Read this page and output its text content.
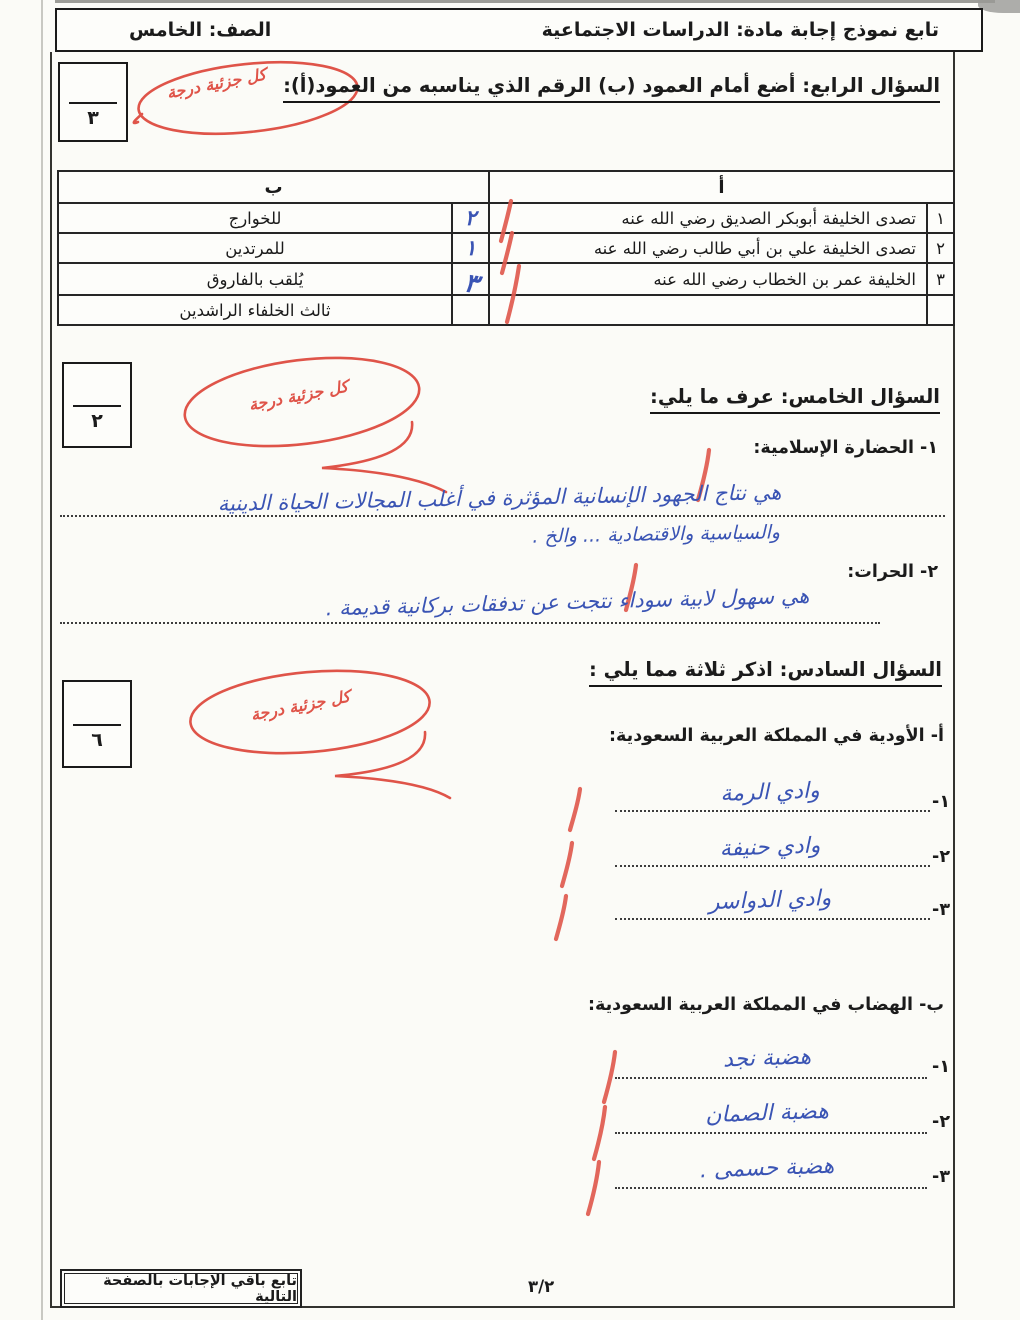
تابع نموذج إجابة مادة: الدراسات الاجتماعية
الصف: الخامس
٣
كل جزئية درجة السؤال الرابع: أضع أمام العمود (ب) الرقم الذي يناسبه من العمود(أ):
أ		ب	
١	تصدى الخليفة أبوبكر الصديق رضي الله عنه	٢	للخوارج
٢	تصدى الخليفة علي بن أبي طالب رضي الله عنه	١	للمرتدين
٣	الخليفة عمر بن الخطاب رضي الله عنه	٣	يُلقب بالفاروق
			ثالث الخلفاء الراشدين
السؤال الخامس: عرف ما يلي:
٢
كل جزئية درجة
١- الحضارة الإسلامية:
هي نتاج الجهود الإنسانية المؤثرة في أغلب المجالات الحياة الدينية
والسياسية والاقتصادية ... والخ .
٢- الحرات:
هي سهول لابية سوداء نتجت عن تدفقات بركانية قديمة .
السؤال السادس: اذكر ثلاثة مما يلي :
٦
كل جزئية درجة
أ- الأودية في المملكة العربية السعودية:
١-
وادي الرمة
٢-
وادي حنيفة
٣-
وادي الدواسر
ب- الهضاب في المملكة العربية السعودية:
١-
هضبة نجد
٢-
هضبة الصمان
٣-
هضبة حسمى .
٣/٢
تابع باقي الإجابات بالصفحة التالية
